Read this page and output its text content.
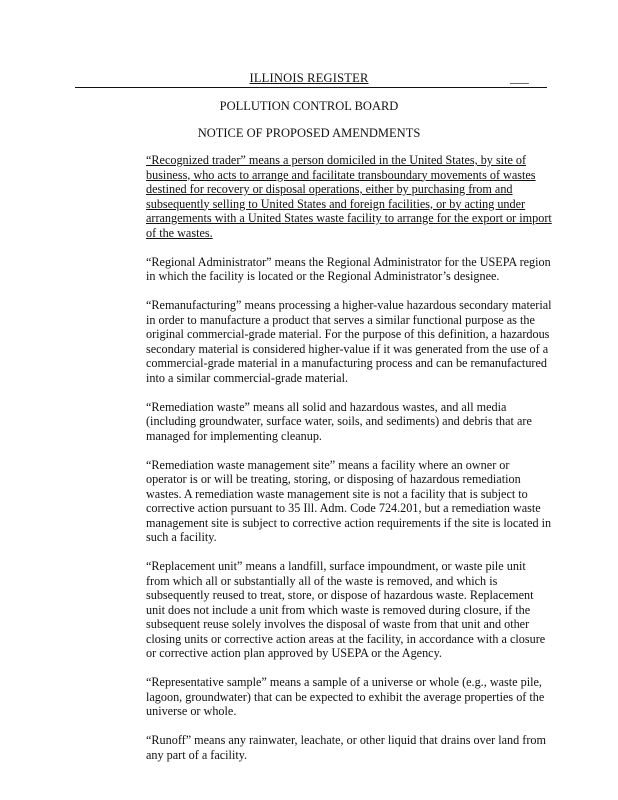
ILLINOIS REGISTER	___
POLLUTION CONTROL BOARD
NOTICE OF PROPOSED AMENDMENTS

“Recognized trader” means a person domiciled in the United States, by site of business, who acts to arrange and facilitate transboundary movements of wastes destined for recovery or disposal operations, either by purchasing from and subsequently selling to United States and foreign facilities, or by acting under arrangements with a United States waste facility to arrange for the export or import of the wastes.

“Regional Administrator” means the Regional Administrator for the USEPA region in which the facility is located or the Regional Administrator’s designee.

“Remanufacturing” means processing a higher-value hazardous secondary material in order to manufacture a product that serves a similar functional purpose as the original commercial-grade material. For the purpose of this definition, a hazardous secondary material is considered higher-value if it was generated from the use of a commercial-grade material in a manufacturing process and can be remanufactured into a similar commercial-grade material.

“Remediation waste” means all solid and hazardous wastes, and all media (including groundwater, surface water, soils, and sediments) and debris that are managed for implementing cleanup.

“Remediation waste management site” means a facility where an owner or operator is or will be treating, storing, or disposing of hazardous remediation wastes. A remediation waste management site is not a facility that is subject to corrective action pursuant to 35 Ill. Adm. Code 724.201, but a remediation waste management site is subject to corrective action requirements if the site is located in such a facility.

“Replacement unit” means a landfill, surface impoundment, or waste pile unit from which all or substantially all of the waste is removed, and which is subsequently reused to treat, store, or dispose of hazardous waste. Replacement unit does not include a unit from which waste is removed during closure, if the subsequent reuse solely involves the disposal of waste from that unit and other closing units or corrective action areas at the facility, in accordance with a closure or corrective action plan approved by USEPA or the Agency.

“Representative sample” means a sample of a universe or whole (e.g., waste pile, lagoon, groundwater) that can be expected to exhibit the average properties of the universe or whole.

“Runoff” means any rainwater, leachate, or other liquid that drains over land from any part of a facility.
